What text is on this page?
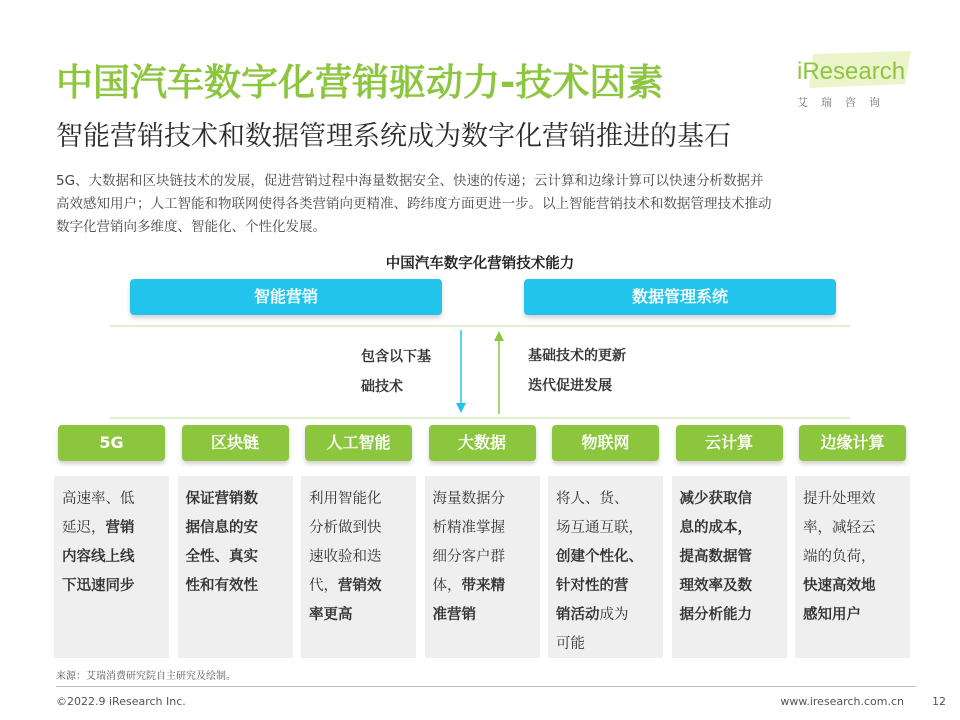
中国汽车数字化营销驱动力-技术因素
智能营销技术和数据管理系统成为数字化营销推进的基石
iResearch
艾瑞咨询
5G、大数据和区块链技术的发展，促进营销过程中海量数据安全、快速的传递；云计算和边缘计算可以快速分析数据并
高效感知用户；人工智能和物联网使得各类营销向更精准、跨纬度方面更进一步。以上智能营销技术和数据管理技术推动
数字化营销向多维度、智能化、个性化发展。
中国汽车数字化营销技术能力
智能营销	数据管理系统
包含以下基
础技术
基础技术的更新
迭代促进发展
5G
高速率、低
延迟，营销
内容线上线
下迅速同步
区块链
保证营销数
据信息的安
全性、真实
性和有效性
人工智能
利用智能化
分析做到快
速收验和迭
代，营销效
率更高
大数据
海量数据分
析精准掌握
细分客户群
体，带来精
准营销
物联网
将人、货、
场互通互联，
创建个性化、
针对性的营
销活动成为
可能
云计算
减少获取信
息的成本，
提高数据管
理效率及数
据分析能力
边缘计算
提升处理效
率，减轻云
端的负荷，
快速高效地
感知用户
来源：艾瑞消费研究院自主研究及绘制。
©2022.9 iResearch Inc.	www.iresearch.com.cn	12
